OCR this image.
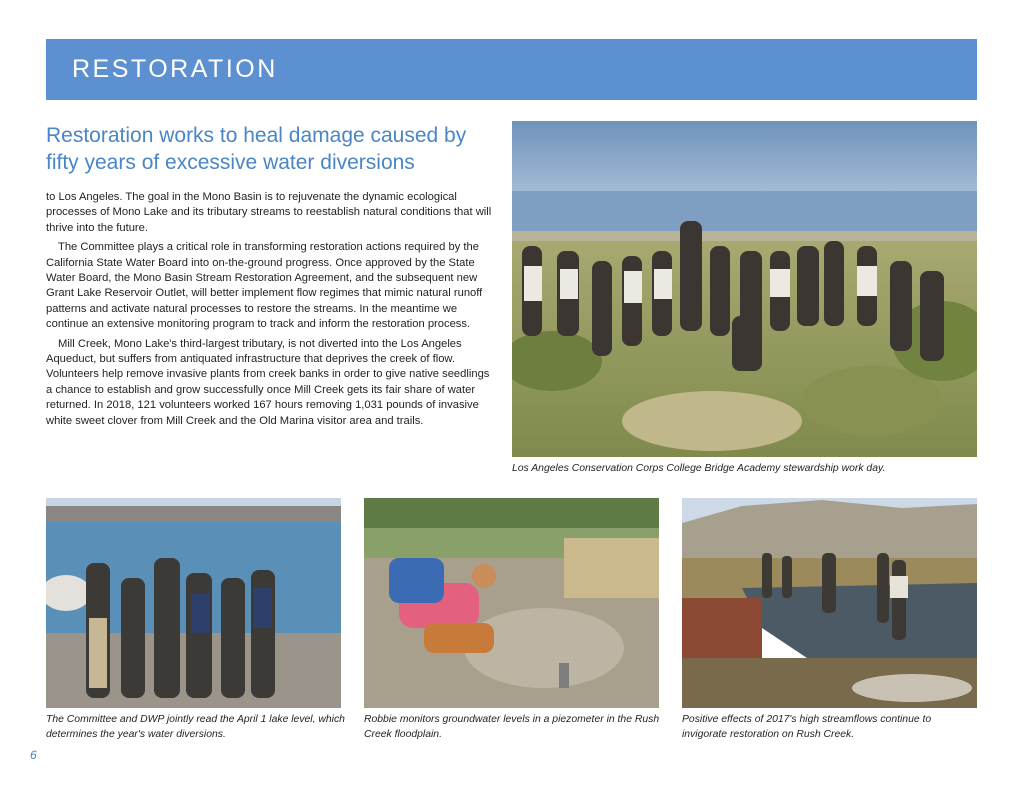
RESTORATION
Restoration works to heal damage caused by fifty years of excessive water diversions

to Los Angeles. The goal in the Mono Basin is to rejuvenate the dynamic ecological processes of Mono Lake and its tributary streams to reestablish natural conditions that will thrive into the future.

The Committee plays a critical role in transforming restoration actions required by the California State Water Board into on-the-ground progress. Once approved by the State Water Board, the Mono Basin Stream Restoration Agreement, and the subsequent new Grant Lake Reservoir Outlet, will better implement flow regimes that mimic natural runoff patterns and activate natural processes to restore the streams. In the meantime we continue an extensive monitoring program to track and inform the restoration process.

Mill Creek, Mono Lake's third-largest tributary, is not diverted into the Los Angeles Aqueduct, but suffers from antiquated infrastructure that deprives the creek of flow. Volunteers help remove invasive plants from creek banks in order to give native seedlings a chance to establish and grow successfully once Mill Creek gets its fair share of water returned. In 2018, 121 volunteers worked 167 hours removing 1,031 pounds of invasive white sweet clover from Mill Creek and the Old Marina visitor area and trails.

Los Angeles Conservation Corps College Bridge Academy stewardship work day.
The Committee and DWP jointly read the April 1 lake level, which determines the year's water diversions.
Robbie monitors groundwater levels in a piezometer in the Rush Creek floodplain.
Positive effects of 2017's high streamflows continue to invigorate restoration on Rush Creek.
6
